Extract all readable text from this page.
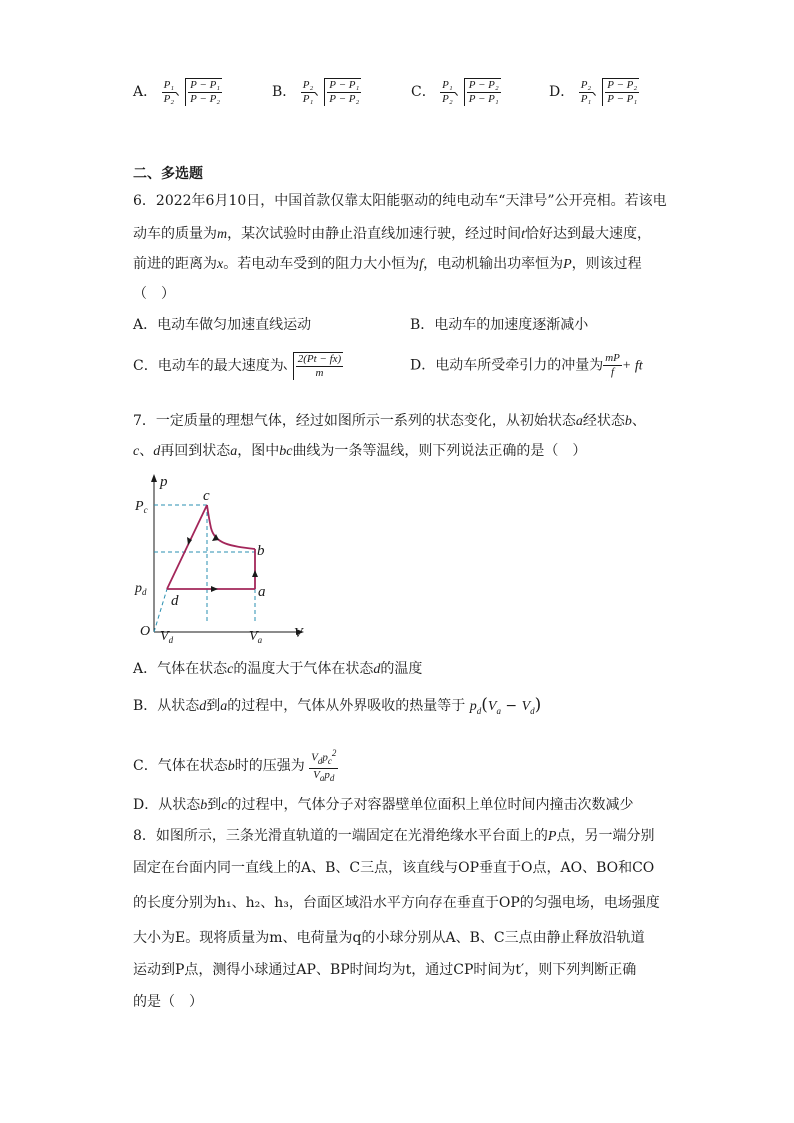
A． $\frac{\text{P₁}}{\text{P₂}} \frac{\text{P − P₁}}{\text{P − P₂}}$	B． $\frac{\text{P₂}}{\text{P₁}} \frac{\text{P − P₁}}{\text{P − P₂}}$	C． $\frac{\text{P₁}}{\text{P₂}} \frac{\text{P − P₂}}{\text{P − P₁}}$	D． $\frac{\text{P₂}}{\text{P₁}} \frac{\text{P − P₂}}{\text{P − P₁}}$
二、多选题
6．2022年6月10日，中国首款仅靠太阳能驱动的纯电动车“天津号”公开亮相。若该电
动车的质量为m，某次试验时由静止沿直线加速行驶，经过时间t恰好达到最大速度，
前进的距离为x。若电动车受到的阻力大小恒为f，电动机输出功率恒为P，则该过程
（　）
A．电动车做匀加速直线运动	B．电动车的加速度逐渐减小
C．电动车的最大速度为 $\frac{2(Pt - fx)}{m}$	D．电动车所受牵引力的冲量为 $\frac{mP}{f}$ + ft
7．一定质量的理想气体，经过如图所示一系列的状态变化，从初始状态a经状态b、
c、d再回到状态a，图中bc曲线为一条等温线，则下列说法正确的是（　）
p
V
O
$P_c$
$p_d$
$V_d$	$V_a$
c
b
a
d
A．气体在状态c的温度大于气体在状态d的温度
B．从状态d到a的过程中，气体从外界吸收的热量等于 $p_d(V_a - V_d)$
C．气体在状态b时的压强为 $\frac{V_dp_c^2}{V_ap_d}$
D．从状态b到c的过程中，气体分子对容器壁单位面积上单位时间内撞击次数减少
8．如图所示，三条光滑直轨道的一端固定在光滑绝缘水平台面上的P点，另一端分别
固定在台面内同一直线上的A、B、C三点，该直线与OP垂直于O点，AO、BO和CO
的长度分别为h₁、h₂、h₃，台面区域沿水平方向存在垂直于OP的匀强电场，电场强度
大小为E。现将质量为m、电荷量为q的小球分别从A、B、C三点由静止释放沿轨道
运动到P点，测得小球通过AP、BP时间均为t，通过CP时间为t′，则下列判断正确
的是（　）
